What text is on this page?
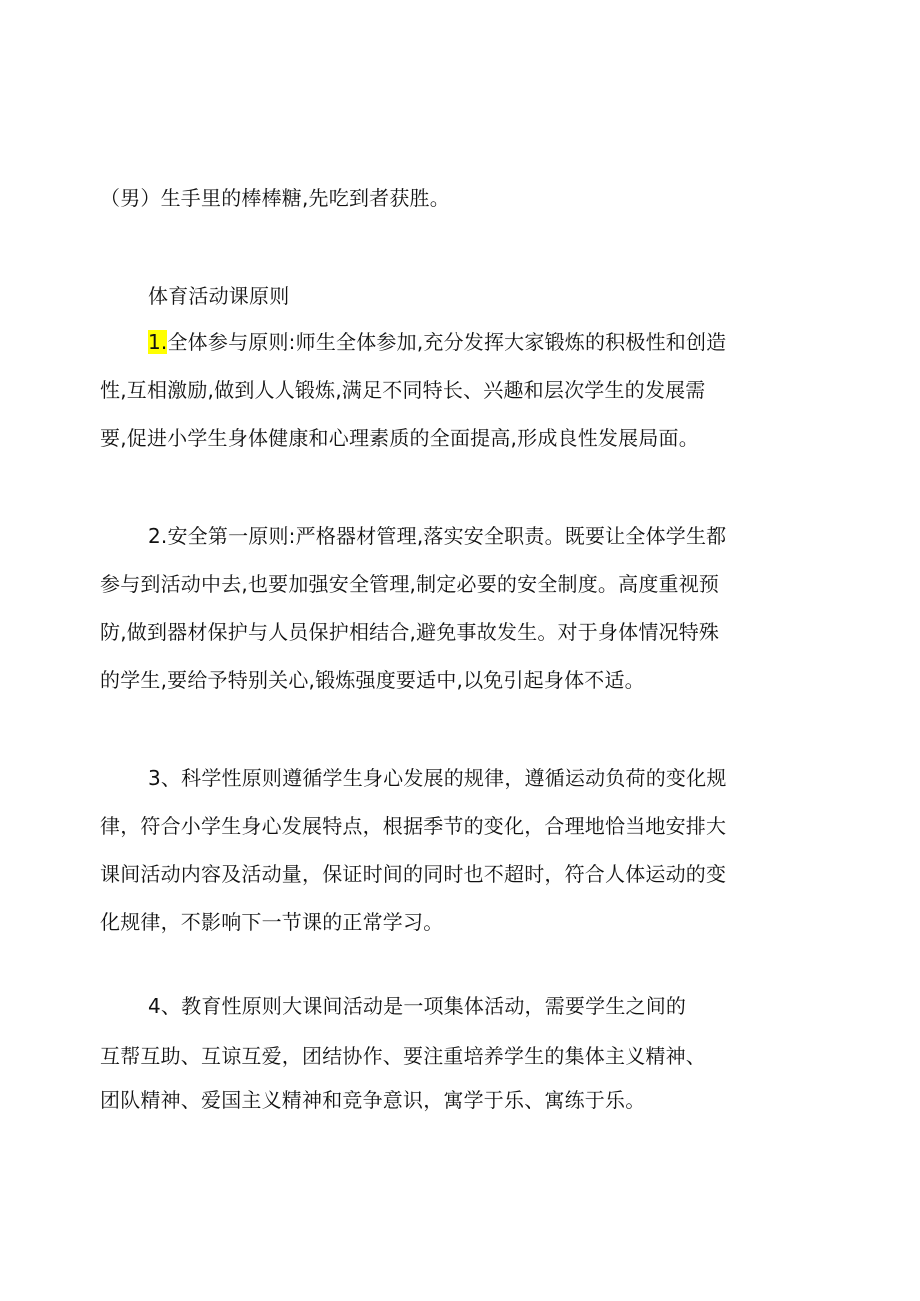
（男）生手里的棒棒糖,先吃到者获胜。
体育活动课原则
1.全体参与原则:师生全体参加,充分发挥大家锻炼的积极性和创造
性,互相激励,做到人人锻炼,满足不同特长、兴趣和层次学生的发展需
要,促进小学生身体健康和心理素质的全面提高,形成良性发展局面。
2.安全第一原则:严格器材管理,落实安全职责。既要让全体学生都
参与到活动中去,也要加强安全管理,制定必要的安全制度。高度重视预
防,做到器材保护与人员保护相结合,避免事故发生。对于身体情况特殊
的学生,要给予特别关心,锻炼强度要适中,以免引起身体不适。
3、科学性原则遵循学生身心发展的规律，遵循运动负荷的变化规
律，符合小学生身心发展特点，根据季节的变化，合理地恰当地安排大
课间活动内容及活动量，保证时间的同时也不超时，符合人体运动的变
化规律，不影响下一节课的正常学习。
4、教育性原则大课间活动是一项集体活动，需要学生之间的
互帮互助、互谅互爱，团结协作、要注重培养学生的集体主义精神、
团队精神、爱国主义精神和竞争意识，寓学于乐、寓练于乐。
